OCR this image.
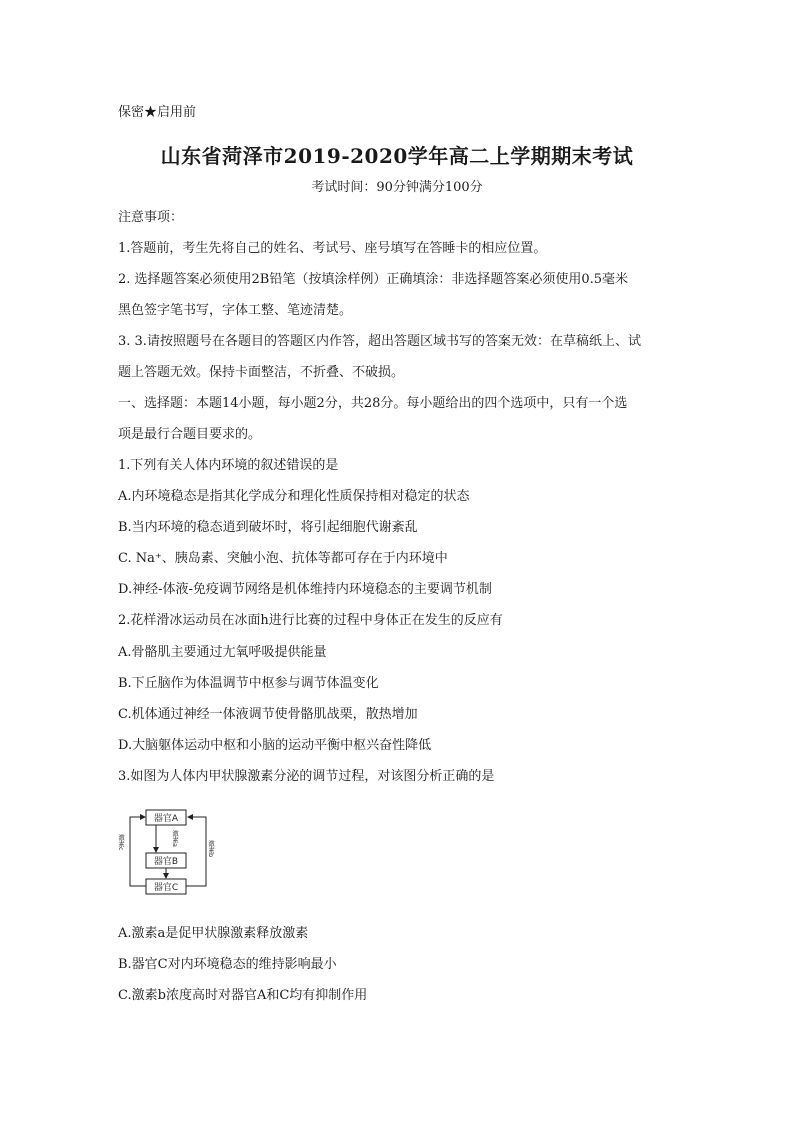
保密★启用前
山东省菏泽市2019-2020学年高二上学期期末考试
考试时间：90分钟满分100分
注意事项：
1.答题前，考生先将自己的姓名、考试号、座号填写在答睡卡的相应位置。
2. 选择题答案必须使用2B铅笔（按填涂样例）正确填涂：非选择题答案必须使用0.5毫米
黑色签字笔书写，字体工整、笔迹清楚。
3. 3.请按照题号在各题目的答题区内作答，超出答题区域书写的答案无效：在草稿纸上、试
题上答题无效。保持卡面整洁，不折叠、不破损。
一、选择题：本题14小题，每小题2分，共28分。每小题给出的四个选项中，只有一个选
项是最行合题目要求的。
1.下列有关人体内环境的叙述错误的是
A.内环境稳态是指其化学成分和理化性质保持相对稳定的状态
B.当内环境的稳态逍到破坏时，将引起细胞代谢紊乱
C. Na⁺、胰岛素、突触小泡、抗体等都可存在于内环境中
D.神经-体液-免疫调节网络是机体维持内环境稳态的主要调节机制
2.花样滑冰运动员在冰面h进行比赛的过程中身体正在发生的反应有
A.骨骼肌主要通过尢氧呼吸提供能量
B.下丘脑作为体温调节中枢参与调节体温变化
C.机体通过神经一体液调节使骨骼肌战栗，散热增加
D.大脑躯体运动中枢和小脑的运动平衡中枢兴奋性降低
3.如图为人体内甲状腺激素分泌的调节过程，对该图分析正确的是
器官A
器官B
器官C
激素a
激素b
激素c
A.激素a是促甲状腺激素释放激素
B.器官C对内环境稳态的维持影响最小
C.激素b浓度高时对器官A和C均有抑制作用
